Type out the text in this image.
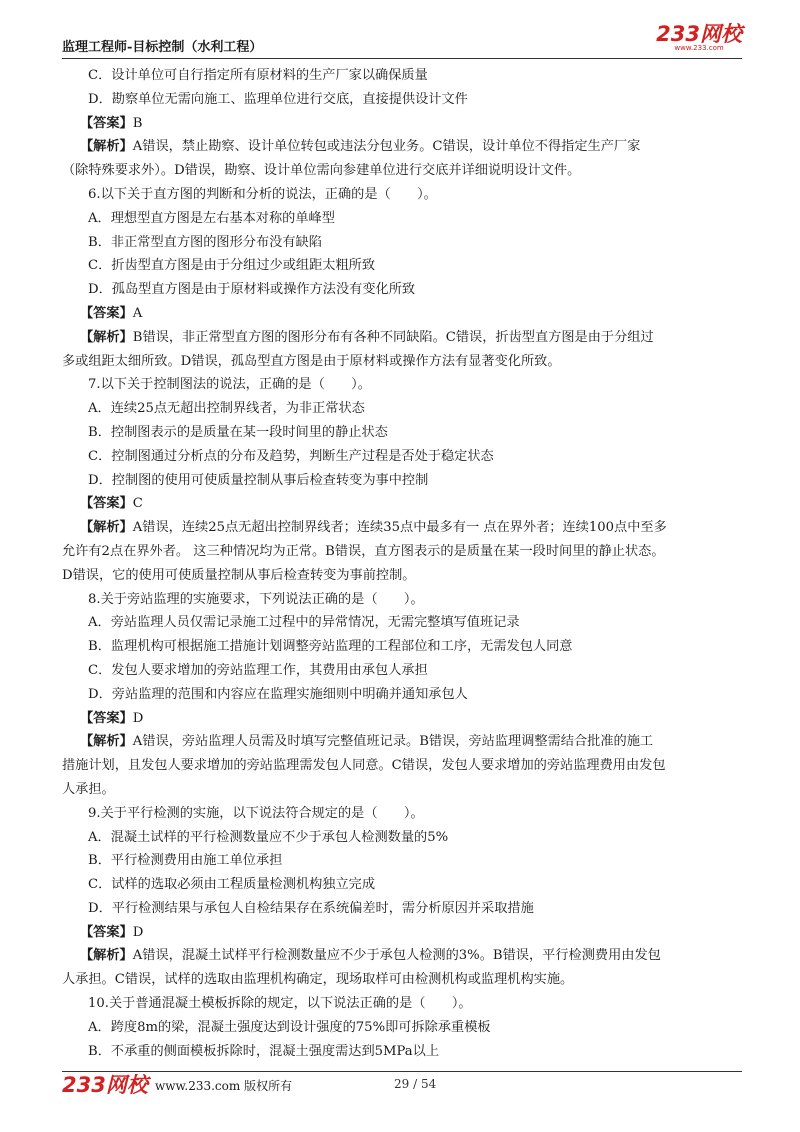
监理工程师-目标控制（水利工程）
233网校
www.233.com
C．设计单位可自行指定所有原材料的生产厂家以确保质量
D．勘察单位无需向施工、监理单位进行交底，直接提供设计文件
【答案】B
【解析】A错误，禁止勘察、设计单位转包或违法分包业务。C错误，设计单位不得指定生产厂家
（除特殊要求外）。D错误，勘察、设计单位需向参建单位进行交底并详细说明设计文件。
6.以下关于直方图的判断和分析的说法，正确的是（　　）。
A．理想型直方图是左右基本对称的单峰型
B．非正常型直方图的图形分布没有缺陷
C．折齿型直方图是由于分组过少或组距太粗所致
D．孤岛型直方图是由于原材料或操作方法没有变化所致
【答案】A
【解析】B错误，非正常型直方图的图形分布有各种不同缺陷。C错误，折齿型直方图是由于分组过
多或组距太细所致。D错误，孤岛型直方图是由于原材料或操作方法有显著变化所致。
7.以下关于控制图法的说法，正确的是（　　）。
A．连续25点无超出控制界线者，为非正常状态
B．控制图表示的是质量在某一段时间里的静止状态
C．控制图通过分析点的分布及趋势，判断生产过程是否处于稳定状态
D．控制图的使用可使质量控制从事后检查转变为事中控制
【答案】C
【解析】A错误，连续25点无超出控制界线者；连续35点中最多有一 点在界外者；连续100点中至多
允许有2点在界外者。 这三种情况均为正常。B错误，直方图表示的是质量在某一段时间里的静止状态。
D错误，它的使用可使质量控制从事后检查转变为事前控制。
8.关于旁站监理的实施要求，下列说法正确的是（　　）。
A．旁站监理人员仅需记录施工过程中的异常情况，无需完整填写值班记录
B．监理机构可根据施工措施计划调整旁站监理的工程部位和工序，无需发包人同意
C．发包人要求增加的旁站监理工作，其费用由承包人承担
D．旁站监理的范围和内容应在监理实施细则中明确并通知承包人
【答案】D
【解析】A错误，旁站监理人员需及时填写完整值班记录。B错误，旁站监理调整需结合批准的施工
措施计划，且发包人要求增加的旁站监理需发包人同意。C错误，发包人要求增加的旁站监理费用由发包
人承担。
9.关于平行检测的实施，以下说法符合规定的是（　　）。
A．混凝土试样的平行检测数量应不少于承包人检测数量的5%
B．平行检测费用由施工单位承担
C．试样的选取必须由工程质量检测机构独立完成
D．平行检测结果与承包人自检结果存在系统偏差时，需分析原因并采取措施
【答案】D
【解析】A错误，混凝土试样平行检测数量应不少于承包人检测的3%。B错误，平行检测费用由发包
人承担。C错误，试样的选取由监理机构确定，现场取样可由检测机构或监理机构实施。
10.关于普通混凝土模板拆除的规定，以下说法正确的是（　　）。
A．跨度8m的梁，混凝土强度达到设计强度的75%即可拆除承重模板
B．不承重的侧面模板拆除时，混凝土强度需达到5MPa以上
233网校 www.233.com 版权所有	29 / 54
